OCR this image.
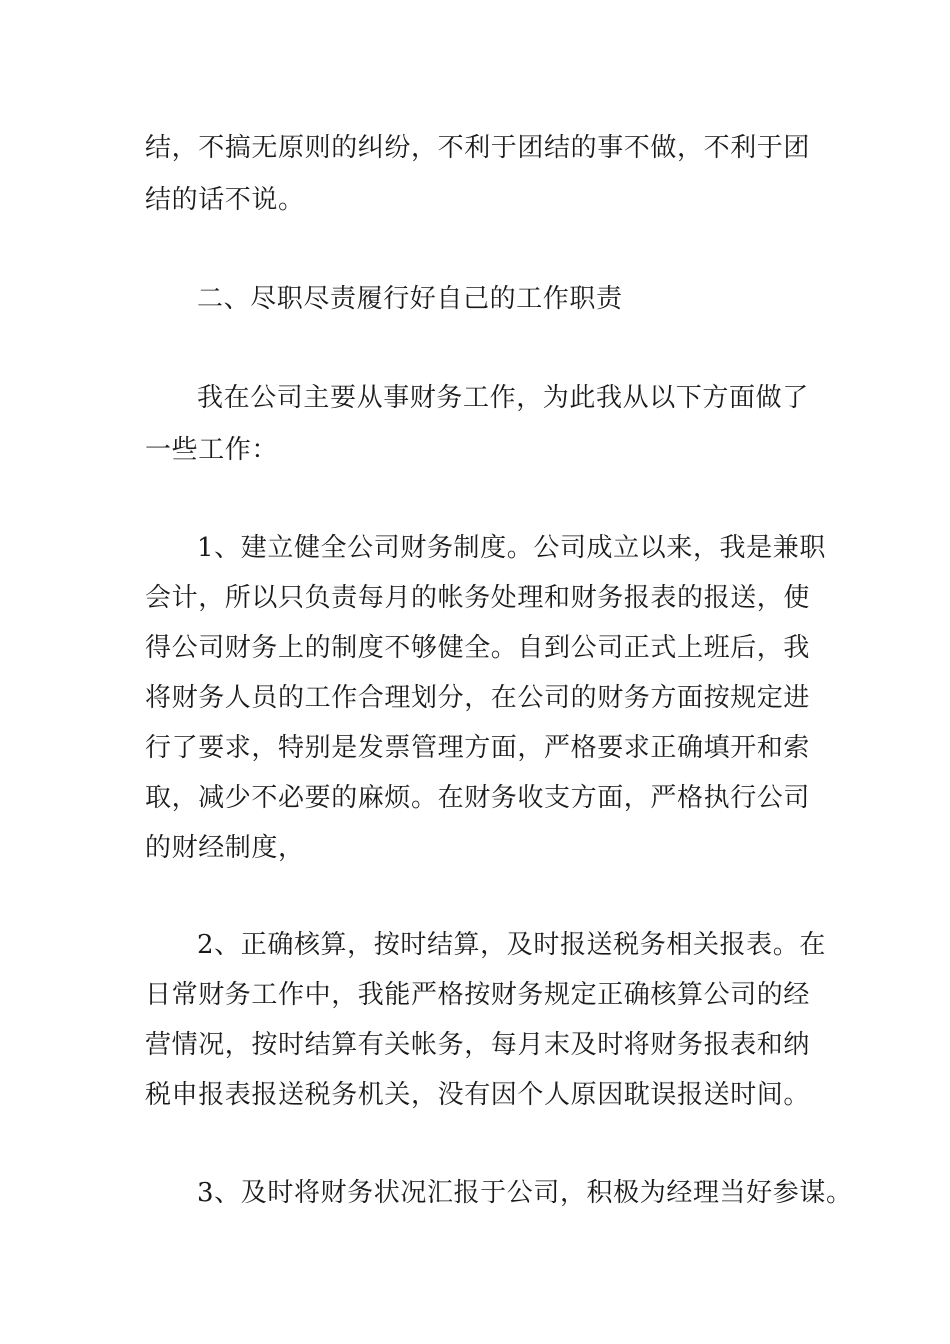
结，不搞无原则的纠纷，不利于团结的事不做，不利于团
结的话不说。
二、尽职尽责履行好自己的工作职责
我在公司主要从事财务工作，为此我从以下方面做了
一些工作：
1、建立健全公司财务制度。公司成立以来，我是兼职
会计，所以只负责每月的帐务处理和财务报表的报送，使
得公司财务上的制度不够健全。自到公司正式上班后，我
将财务人员的工作合理划分，在公司的财务方面按规定进
行了要求，特别是发票管理方面，严格要求正确填开和索
取，减少不必要的麻烦。在财务收支方面，严格执行公司
的财经制度，
2、正确核算，按时结算，及时报送税务相关报表。在
日常财务工作中，我能严格按财务规定正确核算公司的经
营情况，按时结算有关帐务，每月末及时将财务报表和纳
税申报表报送税务机关，没有因个人原因耽误报送时间。
3、及时将财务状况汇报于公司，积极为经理当好参谋。
